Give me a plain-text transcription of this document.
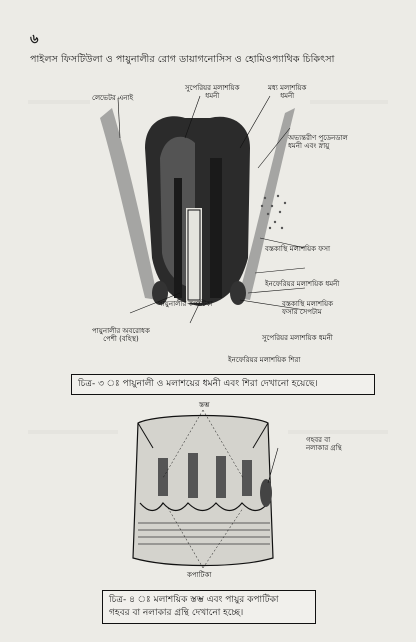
৬
পাইলস ফিসটিউলা ও পায়ুনালীর রোগ ডায়াগনোসিস ও হোমিওপ্যাথিক চিকিৎসা
লেভেটর এনাই
সুপেরিয়র মলাশয়িক
ধমনী
মধ্য মলাশয়িক
ধমনী
অভ্যন্তরীণ পুডেনডাল
ধমনী এবং স্নায়ু
বস্তকাস্থি মলাশয়িক ফসা
ইনফেরিয়র মলাশয়িক ধমনী
বস্তকাস্থি মলাশয়িক
ফসার সেপটাম
সুপেরিয়র মলাশয়িক ধমনী
ইনফেরিয়র মলাশয়িক শিরা
পায়ুনালীর কপাটিকা
পায়ুনালীর অবরোধক
পেশী (বহিস্থ)
চিত্র- ৩ ঃ পায়ুনালী ও মলাশয়ের ধমনী এবং শিরা দেখানো হয়েছে।
স্তম্ভ
গহবর বা
নলাকার গ্রন্থি
কপাটিকা
চিত্র- ৪ ঃ মলাশয়িক স্তম্ভ এবং পায়ুর কপাটিকা
গহবর বা নলাকার গ্রন্থি দেখানো হচ্ছে।
